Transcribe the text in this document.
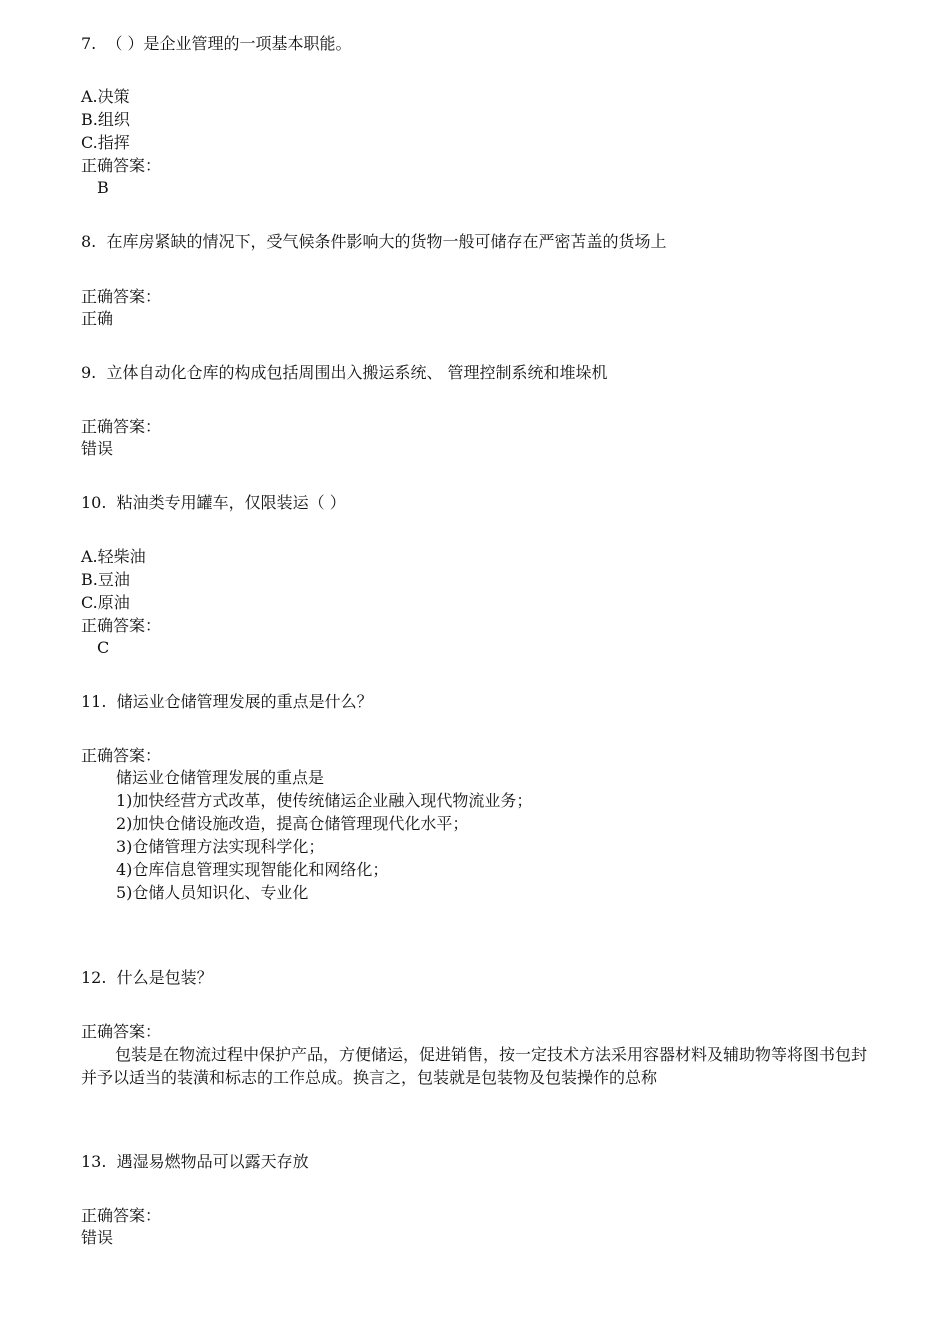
7. （ ）是企业管理的一项基本职能。
A.决策
B.组织
C.指挥
正确答案：
B
8. 在库房紧缺的情况下，受气候条件影响大的货物一般可储存在严密苫盖的货场上
正确答案：
正确
9. 立体自动化仓库的构成包括周围出入搬运系统、 管理控制系统和堆垛机
正确答案：
错误
10. 粘油类专用罐车，仅限装运（ ）
A.轻柴油
B.豆油
C.原油
正确答案：
C
11. 储运业仓储管理发展的重点是什么？
正确答案：
储运业仓储管理发展的重点是
1)加快经营方式改革，使传统储运企业融入现代物流业务；
2)加快仓储设施改造，提高仓储管理现代化水平；
3)仓储管理方法实现科学化；
4)仓库信息管理实现智能化和网络化；
5)仓储人员知识化、专业化
12. 什么是包装？
正确答案：
包装是在物流过程中保护产品，方便储运，促进销售，按一定技术方法采用容器材料及辅助物等将图书包封并予以适当的装潢和标志的工作总成。换言之，包装就是包装物及包装操作的总称
13. 遇湿易燃物品可以露天存放
正确答案：
错误
